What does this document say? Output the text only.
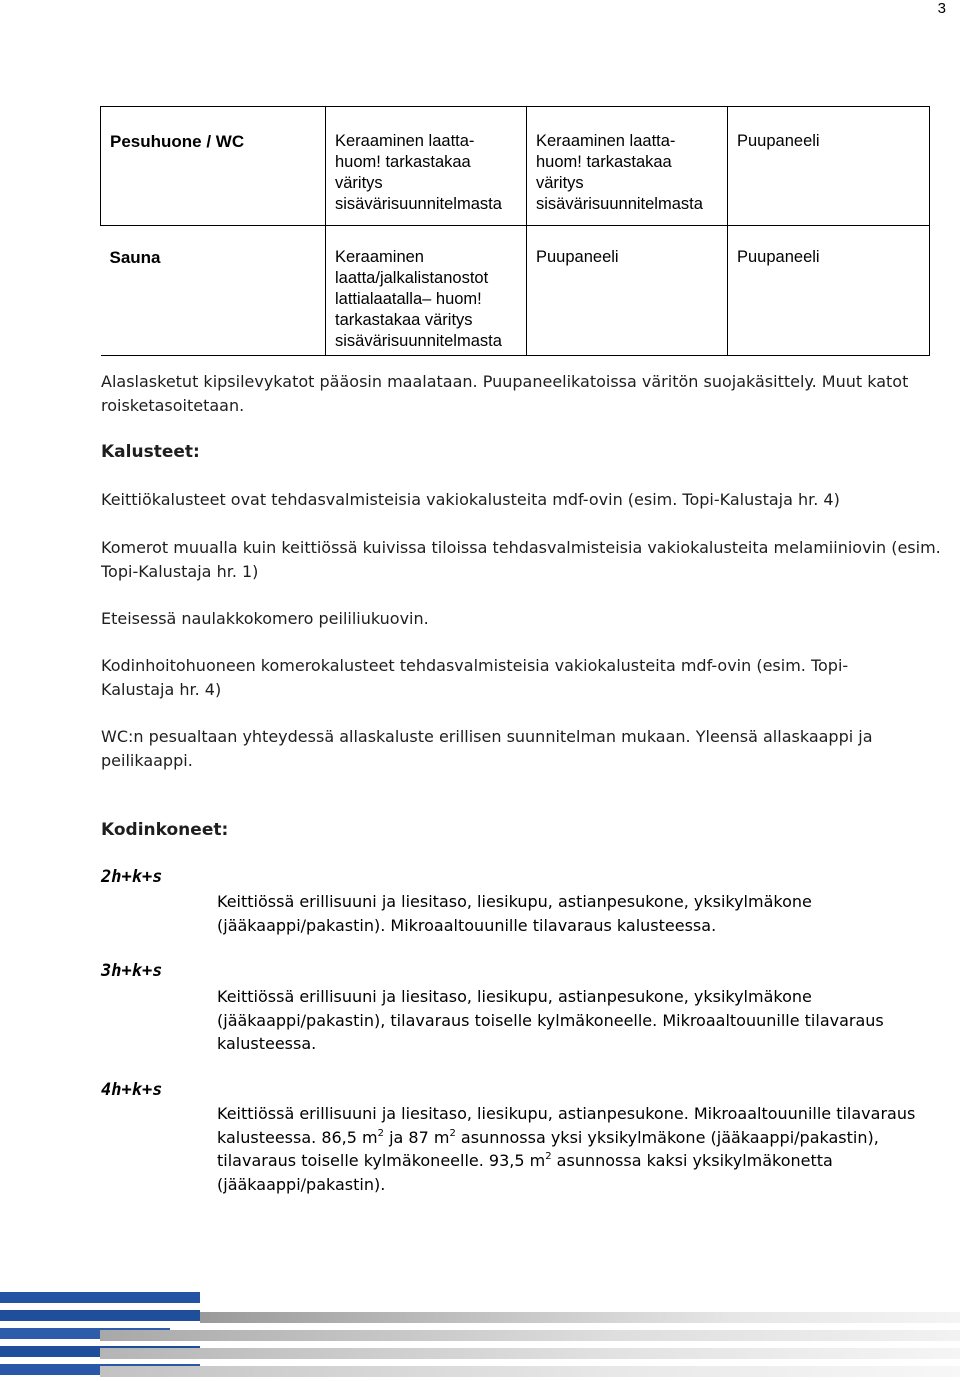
3
Pesuhuone / WC	Keraaminen laatta-
huom! tarkastakaa
väritys
sisävärisuunnitelmasta	Keraaminen laatta-
huom! tarkastakaa
väritys
sisävärisuunnitelmasta	Puupaneeli
Sauna	Keraaminen
laatta/jalkalistanostot
lattialaatalla– huom!
tarkastakaa väritys
sisävärisuunnitelmasta	Puupaneeli	Puupaneeli
Alaslasketut kipsilevykatot pääosin maalataan. Puupaneelikatoissa väritön suojakäsittely. Muut katot roisketasoitetaan.
Kalusteet:
Keittiökalusteet ovat tehdasvalmisteisia vakiokalusteita mdf-ovin (esim. Topi-Kalustaja hr. 4)
Komerot muualla kuin keittiössä kuivissa tiloissa tehdasvalmisteisia vakiokalusteita melamiiniovin (esim. Topi-Kalustaja hr. 1)
Eteisessä naulakkokomero peililiukuovin.
Kodinhoitohuoneen komerokalusteet tehdasvalmisteisia vakiokalusteita mdf-ovin (esim. Topi-Kalustaja hr. 4)
WC:n pesualtaan yhteydessä allaskaluste erillisen suunnitelman mukaan. Yleensä allaskaappi ja peilikaappi.
Kodinkoneet:
2h+k+s
Keittiössä erillisuuni ja liesitaso, liesikupu, astianpesukone, yksikylmäkone (jääkaappi/pakastin). Mikroaaltouunille tilavaraus kalusteessa.
3h+k+s
Keittiössä erillisuuni ja liesitaso, liesikupu, astianpesukone, yksikylmäkone (jääkaappi/pakastin), tilavaraus toiselle kylmäkoneelle. Mikroaaltouunille tilavaraus kalusteessa.
4h+k+s
Keittiössä erillisuuni ja liesitaso, liesikupu, astianpesukone. Mikroaaltouunille tilavaraus kalusteessa. 86,5 $m^2$ ja 87 $m^2$ asunnossa yksi yksikylmäkone (jääkaappi/pakastin), tilavaraus toiselle kylmäkoneelle. 93,5 $m^2$ asunnossa kaksi yksikylmäkonetta (jääkaappi/pakastin).
